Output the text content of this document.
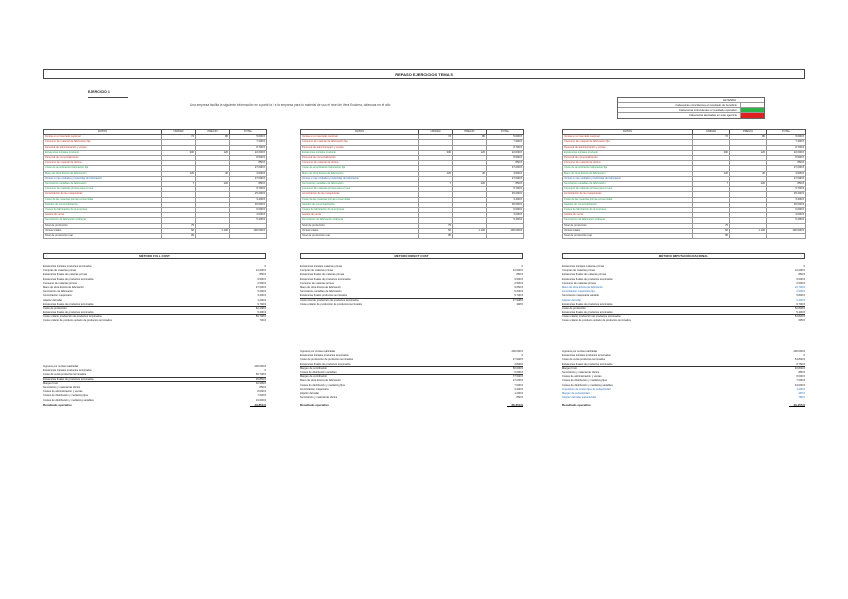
REPASO EJERCICIOS TEMA 5
EJERCICIO 1
Una empresa facilita la siguiente información en a partir la / e la empresa para tu material de uso el nivel de Vera Euskera, dalecoas en el año
LEYENDA
Cabeceiras coincidentes el resultado de beneficio
Cabeceiras coincidentes el resultado operativo
Cabeceiras afectadas en este ejercicio
DATOS	UNIDAD	PRECIO	TOTAL
Ventas en el mercado nacional	72	80	5.600 €
Consumo de material de fabricación fija			7.300 €
Personal de administración y ventas			8.700 €
Existencias iniciales producto	300	120	22.000 €
Personal de comercialización			8.500 €
Consumo de material de oficina			850 €
Coste de amortización fabricación fija			27.000 €
Mano de obra directa de fabricación	120	40	4.500 €
Ventas en las unidades producidas de fabricación			27.000 €
Suministros variables de fabricación	7	120	850 €
Consumo de materias primas para el mes			5.700 €
Amortización de las maquinarias			25.200 €
Coste de las materias primas consumidas			3.400 €
Sueldos de comercialización			30.000 €
Costes de fabricación de la empresa			6.000 €
Gastos de venta			4.000 €
Suministros de fabricación indirecta			5.400 €
Nivel de producción	75		
Ventas totales	60	1.100	100.000 €
Nivel de producción real	95		
DATOS	UNIDAD	PRECIO	TOTAL
Ventas en el mercado nacional	72	80	5.600 €
Consumo de material de fabricación fija			7.300 €
Personal de administración y ventas			8.700 €
Existencias iniciales producto	300	120	22.000 €
Personal de comercialización			8.500 €
Consumo de material de oficina			850 €
Coste de amortización fabricación fija			27.000 €
Mano de obra directa de fabricación	120	40	4.500 €
Ventas en las unidades producidas de fabricación			27.000 €
Suministros variables de fabricación	7	120	850 €
Consumo de materias primas para el mes			5.700 €
Amortización de las maquinarias			25.200 €
Coste de las materias primas consumidas			3.400 €
Sueldos de comercialización			30.000 €
Costes de fabricación de la empresa			6.000 €
Gastos de venta			4.000 €
Suministros de fabricación indirecta			5.400 €
Nivel de producción	75		
Ventas totales	60	1.100	100.000 €
Nivel de producción real	95		
DATOS	UNIDAD	PRECIO	TOTAL
Ventas en el mercado nacional	72	80	5.600 €
Consumo de material de fabricación fija			7.300 €
Personal de administración y ventas			8.700 €
Existencias iniciales producto	300	120	22.000 €
Personal de comercialización			8.500 €
Consumo de material de oficina			850 €
Coste de amortización fabricación fija			27.000 €
Mano de obra directa de fabricación	120	40	4.500 €
Ventas en las unidades producidas de fabricación			27.000 €
Suministros variables de fabricación	7	120	850 €
Consumo de materias primas para el mes			5.700 €
Amortización de las maquinarias			25.200 €
Coste de las materias primas consumidas			3.400 €
Sueldos de comercialización			30.000 €
Costes de fabricación de la empresa			6.000 €
Gastos de venta			4.000 €
Suministros de fabricación indirecta			5.400 €
Nivel de producción	75		
Ventas totales	60	1.100	100.000 €
Nivel de producción real	95		
MÉTODO FULL COST	MÉTODO DIRECT COST	MÉTODO IMPUTACIÓN RACIONAL
Existencias iniciales productos terminados	0
Compras de materias primas	12.000 €
Existencias finales de materias primas	850 €
Existencias finales de productos terminados	9.500 €
Consumo de materias primas	2.500 €
Mano de obra directa de fabricación	27.000 €
Suministros de fabricación	5.200 €
Amortización maquinaria	3.400 €
Alquiler del taller	1.200 €
Existencias finales de productos terminados	9.700 €
Coste de producción	62.448 €
Existencias finales de productos terminados	5.400 €
Coste unitario producción de productos terminados	56.748 €
Coste unitario de producto unitario de productos terminados	700 €
Existencias iniciales materias primas	0
Compras de materias primas	12.000 €
Existencias finales de materias primas	850 €
Existencias finales de productos terminados	9.500 €
Consumo de materias primas	2.500 €
Mano de obra directa de fabricación	9.650 €
Suministros variables de fabricación	5.200 €
Existencias finales productos terminados	9.700 €
Coste total de producción de productos terminados	27.948 €
Coste unitario de producción de productos terminados	348 €
Existencias iniciales materias primas	0
Compras de materias primas	12.000 €
Existencias finales de materias primas	850 €
Existencias finales de productos terminados	9.500 €
Consumo de materias primas	2.500 €
Mano de obra directa de fabricación	22.700 €
Amortización maquinaria fija	2.609 €
Suministros maquinaria variable	9.800 €
Alquiler del taller	1.200 €
Existencias finales de productos terminados	9.700 €
Coste de producción	62.848 €
Existencias finales de productos terminados	5.400 €
Coste unitario producción de productos terminados	54.846 €
Coste unitario de producto unitario de productos terminados	695 €
Ingresos por ventas realizadas	200.000 €
Existencias iniciales productos terminados	0
Coste de venta productos terminados	56.748 €
Existencias finales de productos terminados	26.853 €
Margen bruto	32.999 €
Suministros y material de oficina	850 €
Costes de administración y ventas	8.000 €
Costes de distribución y marketing fijos	7.000 €
Costes de distribución y marketing variables	34.000 €
Ingresos por ventas realizadas	200.000 €
Existencias iniciales productos terminados	0
Coste de producción de productos terminados	27.948 €
Existencias finales de productos terminados	4.848 €
Margen de contribución	50.000 €
Costes de distribución variables	6.000 €
Margen de contribución	77.500 €
Mano de obra directa de fabricación	27.000 €
Costes de distribución y marketing fijos	7.000 €
Amortización maquinaria	3.400 €
Alquiler del taller	1.200 €
Suministros y material de oficina	850 €
Ingresos por ventas realizadas	200.000 €
Existencias iniciales productos terminados	0
Coste de venta productos terminados	54.846 €
Existencias finales de productos terminados	8.750 €
Margen bruto	46.849 €
Suministros y material de oficina	850 €
Costes de administración y ventas	8.000 €
Costes de distribución y marketing fijos	7.000 €
Costes de distribución y marketing variables	34.000 €
Imputación de costes fijos de subactividad	1.200 €
Margen de subactividad	487 €
Alquiler del taller subactividad	780 €
Resultado operativo	43.850 €	Resultado operativo	36.250 €	Resultado operativo	40.155 €
